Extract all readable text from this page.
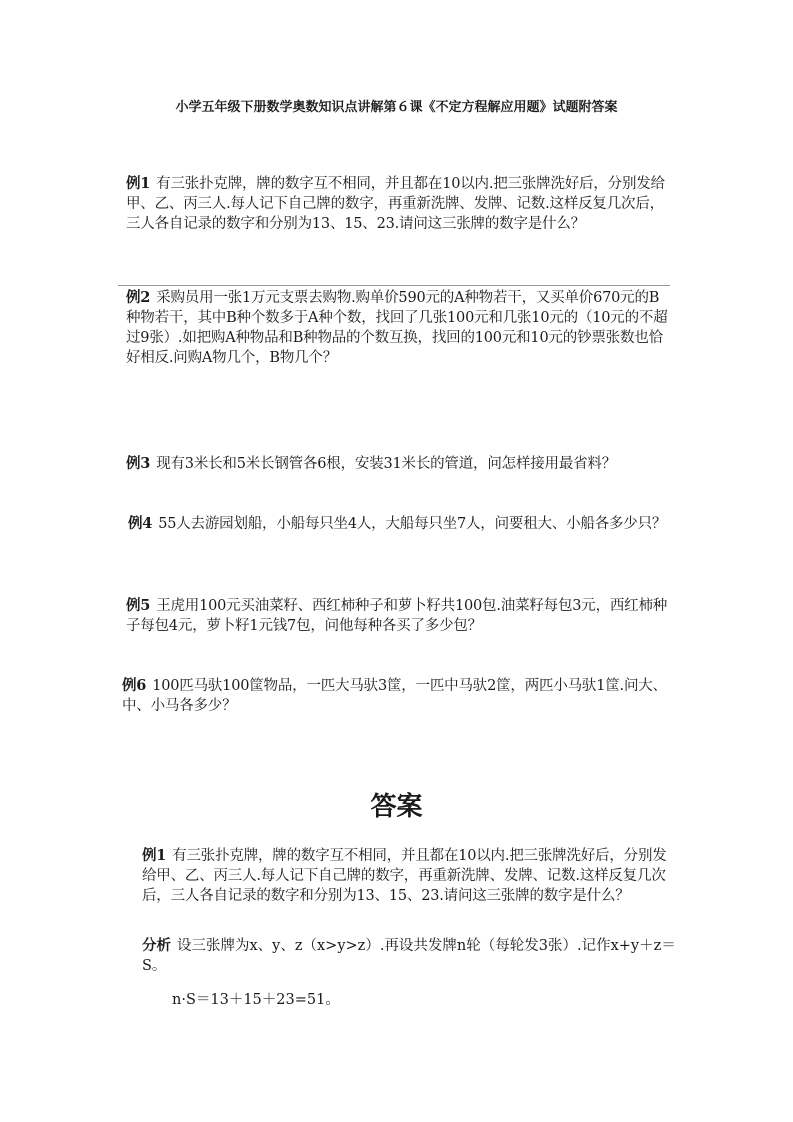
小学五年级下册数学奥数知识点讲解第６课《不定方程解应用题》试题附答案
例1 有三张扑克牌，牌的数字互不相同，并且都在10以内.把三张牌洗好后，分别发给甲、乙、丙三人.每人记下自己牌的数字，再重新洗牌、发牌、记数.这样反复几次后，三人各自记录的数字和分别为13、15、23.请问这三张牌的数字是什么？
例2 采购员用一张1万元支票去购物.购单价590元的A种物若干，又买单价670元的B种物若干，其中B种个数多于A种个数，找回了几张100元和几张10元的（10元的不超过9张）.如把购A种物品和B种物品的个数互换，找回的100元和10元的钞票张数也恰好相反.问购A物几个，B物几个？
例3 现有3米长和5米长钢管各6根，安装31米长的管道，问怎样接用最省料？
例4 55人去游园划船，小船每只坐4人，大船每只坐7人，问要租大、小船各多少只？
例5 王虎用100元买油菜籽、西红柿种子和萝卜籽共100包.油菜籽每包3元，西红柿种子每包4元，萝卜籽1元钱7包，问他每种各买了多少包？
例6 100匹马驮100筐物品，一匹大马驮3筐，一匹中马驮2筐，两匹小马驮1筐.问大、中、小马各多少？
答案
例1 有三张扑克牌，牌的数字互不相同，并且都在10以内.把三张牌洗好后，分别发给甲、乙、丙三人.每人记下自己牌的数字，再重新洗牌、发牌、记数.这样反复几次后，三人各自记录的数字和分别为13、15、23.请问这三张牌的数字是什么？
分析 设三张牌为x、y、z（x>y>z）.再设共发牌n轮（每轮发3张）.记作x+y＋z＝S。
n·S＝13＋15＋23=51。
